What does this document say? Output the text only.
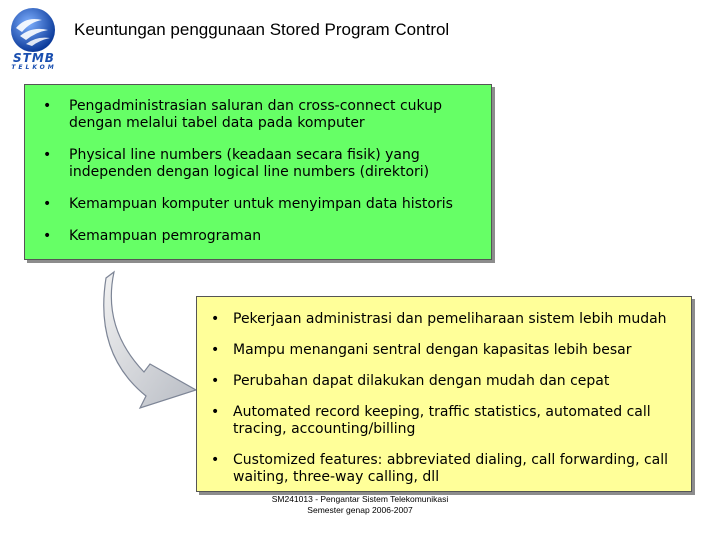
STMB
TELKOM
Keuntungan penggunaan Stored Program Control
• Pengadministrasian saluran dan cross-connect cukup dengan melalui tabel data pada komputer
• Physical line numbers (keadaan secara fisik) yang independen dengan logical line numbers (direktori)
• Kemampuan komputer untuk menyimpan data historis
• Kemampuan pemrograman
• Pekerjaan administrasi dan pemeliharaan sistem lebih mudah
• Mampu menangani sentral dengan kapasitas lebih besar
• Perubahan dapat dilakukan dengan mudah dan cepat
• Automated record keeping, traffic statistics, automated call tracing, accounting/billing
• Customized features: abbreviated dialing, call forwarding, call waiting, three-way calling, dll
SM241013 - Pengantar Sistem Telekomunikasi
Semester genap 2006-2007
